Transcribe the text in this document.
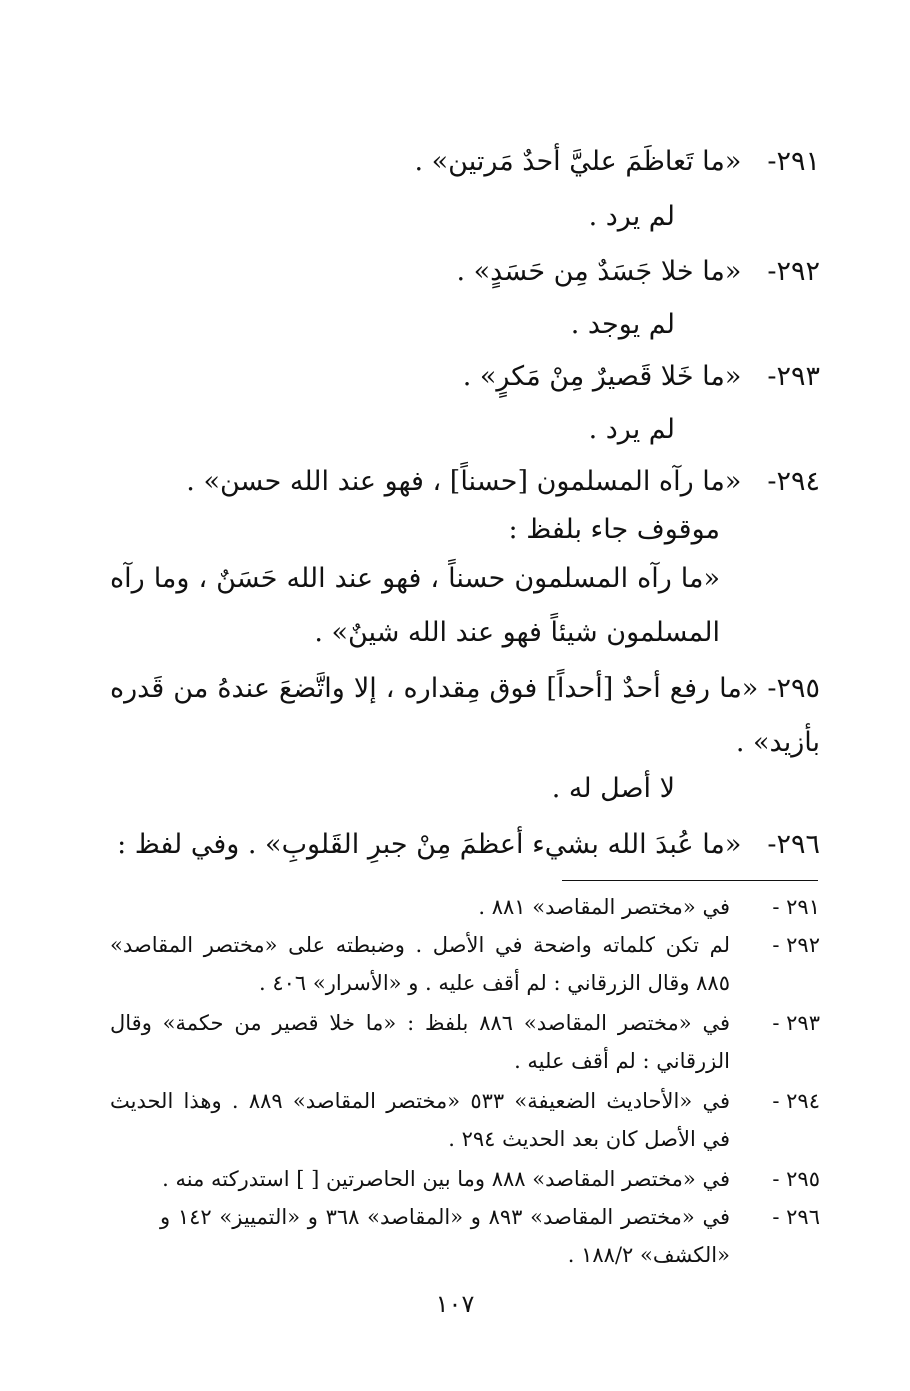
٢٩١- «ما تَعاظَمَ عليَّ أحدٌ مَرتين» .
لم يرد .
٢٩٢- «ما خلا جَسَدٌ مِن حَسَدٍ» .
لم يوجد .
٢٩٣- «ما خَلا قَصيرٌ مِنْ مَكرٍ» .
لم يرد .
٢٩٤- «ما رآه المسلمون [حسناً] ، فهو عند الله حسن» .
موقوف جاء بلفظ :
«ما رآه المسلمون حسناً ، فهو عند الله حَسَنٌ ، وما رآه المسلمون شيئاً فهو عند الله شينٌ» .
٢٩٥- «ما رفع أحدٌ [أحداً] فوق مِقداره ، إلا واتَّضعَ عندهُ من قَدره بأزيد» .
لا أصل له .
٢٩٦- «ما عُبدَ الله بشيء أعظمَ مِنْ جبرِ القَلوبِ» . وفي لفظ :
٢٩١ -
في «مختصر المقاصد» ٨٨١ .
٢٩٢ -
لم تكن كلماته واضحة في الأصل . وضبطته على «مختصر المقاصد» ٨٨٥ وقال الزرقاني : لم أقف عليه . و «الأسرار» ٤٠٦ .
٢٩٣ -
في «مختصر المقاصد» ٨٨٦ بلفظ : «ما خلا قصير من حكمة» وقال الزرقاني : لم أقف عليه .
٢٩٤ -
في «الأحاديث الضعيفة» ٥٣٣ «مختصر المقاصد» ٨٨٩ . وهذا الحديث في الأصل كان بعد الحديث ٢٩٤ .
٢٩٥ -
في «مختصر المقاصد» ٨٨٨ وما بين الحاصرتين [ ] استدركته منه .
٢٩٦ -
في «مختصر المقاصد» ٨٩٣ و «المقاصد» ٣٦٨ و «التمييز» ١٤٢ و «الكشف» ١٨٨/٢ .
١٠٧
